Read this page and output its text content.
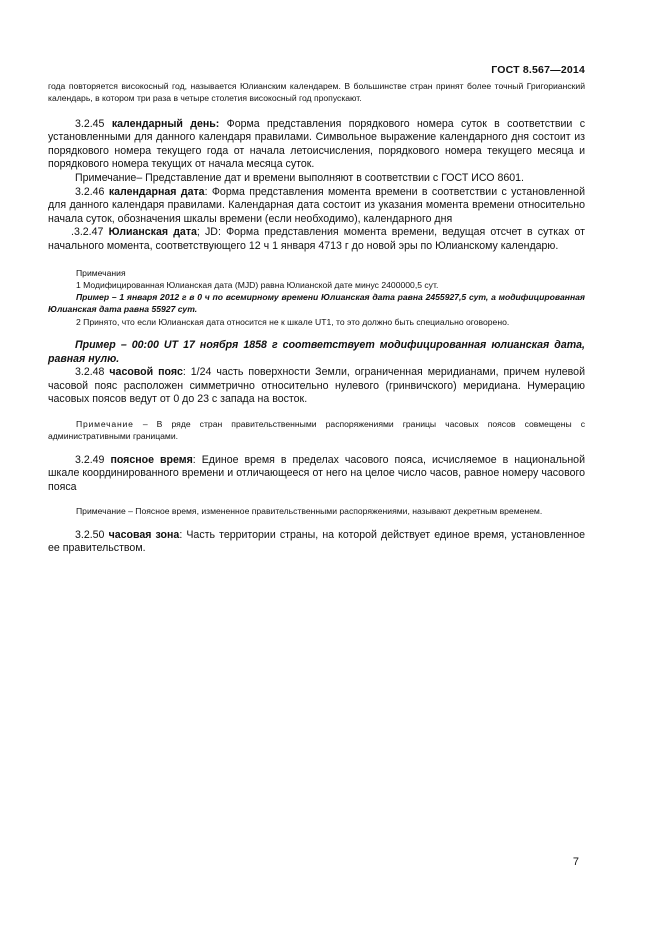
ГОСТ 8.567—2014

года повторяется високосный год, называется Юлианским календарем. В большинстве стран принят более точный Григорианский календарь, в котором три раза в четыре столетия високосный год пропускают.

3.2.45 календарный день: Форма представления порядкового номера суток в соответствии с установленными для данного календаря правилами. Символьное выражение календарного дня состоит из порядкового номера текущего года от начала летоисчисления, порядкового номера текущего месяца и порядкового номера текущих от начала месяца суток.

Примечание– Представление дат и времени выполняют в соответствии с ГОСТ ИСО 8601.

3.2.46 календарная дата: Форма представления момента времени в соответствии с установленной для данного календаря правилами. Календарная дата состоит из указания момента времени относительно начала суток, обозначения шкалы времени (если необходимо), календарного дня

.3.2.47 Юлианская дата; JD: Форма представления момента времени, ведущая отсчет в сутках от начального момента, соответствующего 12 ч 1 января 4713 г до новой эры по Юлианскому календарю.

Примечания

1 Модифицированная Юлианская дата (MJD) равна Юлианской дате минус 2400000,5 сут.

Пример – 1 января 2012 г в 0 ч по всемирному времени Юлианская дата равна 2455927,5 сут, а модифицированная Юлианская дата равна 55927 сут.

2 Принято, что если Юлианская дата относится не к шкале UT1, то это должно быть специально оговорено.

Пример – 00:00 UT 17 ноября 1858 г соответствует модифицированная юлианская дата, равная нулю.

3.2.48 часовой пояс: 1/24 часть поверхности Земли, ограниченная меридианами, причем нулевой часовой пояс расположен симметрично относительно нулевого (гринвичского) меридиана. Нумерацию часовых поясов ведут от 0 до 23 с запада на восток.

Примечание – В ряде стран правительственными распоряжениями границы часовых поясов совмещены с административными границами.

3.2.49 поясное время: Единое время в пределах часового пояса, исчисляемое в национальной шкале координированного времени и отличающееся от него на целое число часов, равное номеру часового пояса

Примечание – Поясное время, измененное правительственными распоряжениями, называют декретным временем.

3.2.50 часовая зона: Часть территории страны, на которой действует единое время, установленное ее правительством.

7
